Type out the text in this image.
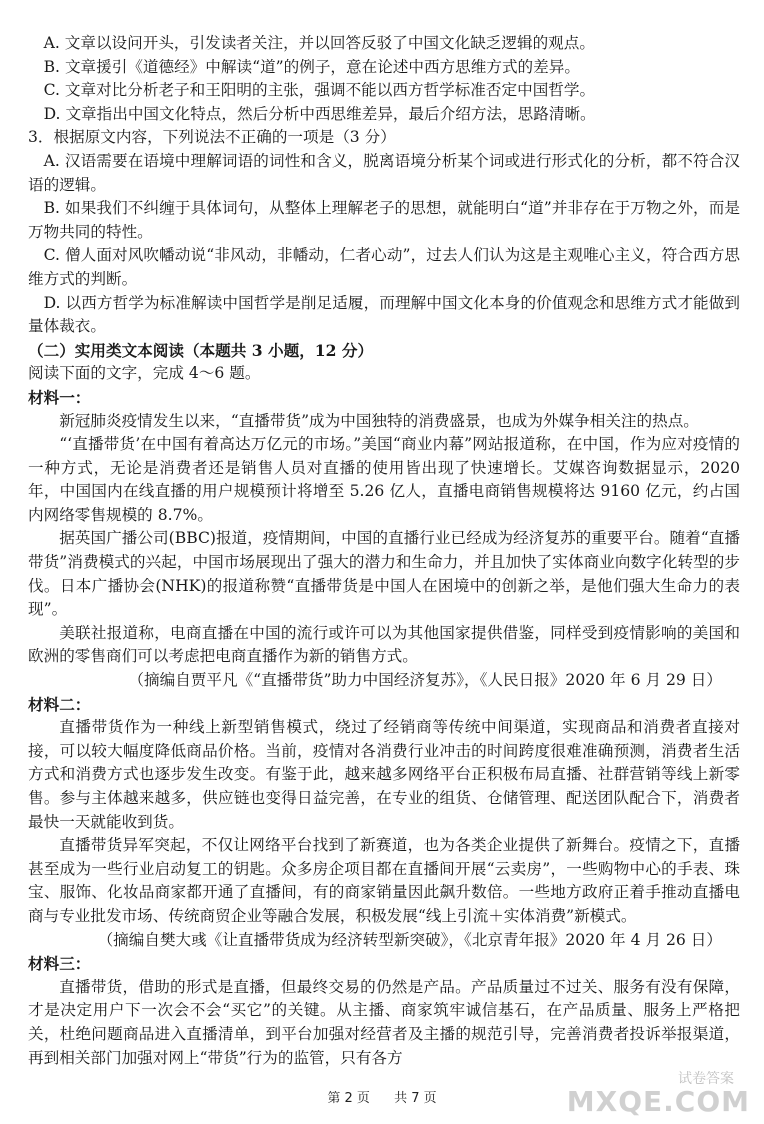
A. 文章以设问开头，引发读者关注，并以回答反驳了中国文化缺乏逻辑的观点。

B. 文章援引《道德经》中解读“道”的例子，意在论述中西方思维方式的差异。

C. 文章对比分析老子和王阳明的主张，强调不能以西方哲学标准否定中国哲学。

D. 文章指出中国文化特点，然后分析中西思维差异，最后介绍方法，思路清晰。

3．根据原文内容，下列说法不正确的一项是（3 分）

A. 汉语需要在语境中理解词语的词性和含义，脱离语境分析某个词或进行形式化的分析，都不符合汉语的逻辑。

B. 如果我们不纠缠于具体词句，从整体上理解老子的思想，就能明白“道”并非存在于万物之外，而是万物共同的特性。

C. 僧人面对风吹幡动说“非风动，非幡动，仁者心动”，过去人们认为这是主观唯心主义，符合西方思维方式的判断。

D. 以西方哲学为标准解读中国哲学是削足适履，而理解中国文化本身的价值观念和思维方式才能做到量体裁衣。

（二）实用类文本阅读（本题共 3 小题，12 分）

阅读下面的文字，完成 4～6 题。

材料一：

新冠肺炎疫情发生以来，“直播带货”成为中国独特的消费盛景，也成为外媒争相关注的热点。

“‘直播带货’在中国有着高达万亿元的市场。”美国“商业内幕”网站报道称，在中国，作为应对疫情的一种方式，无论是消费者还是销售人员对直播的使用皆出现了快速增长。艾媒咨询数据显示，2020 年，中国国内在线直播的用户规模预计将增至 5.26 亿人，直播电商销售规模将达 9160 亿元，约占国内网络零售规模的 8.7%。

据英国广播公司(BBC)报道，疫情期间，中国的直播行业已经成为经济复苏的重要平台。随着“直播带货”消费模式的兴起，中国市场展现出了强大的潜力和生命力，并且加快了实体商业向数字化转型的步伐。日本广播协会(NHK)的报道称赞“直播带货是中国人在困境中的创新之举，是他们强大生命力的表现”。

美联社报道称，电商直播在中国的流行或许可以为其他国家提供借鉴，同样受到疫情影响的美国和欧洲的零售商们可以考虑把电商直播作为新的销售方式。

（摘编自贾平凡《“直播带货”助力中国经济复苏》，《人民日报》2020 年 6 月 29 日）

材料二：

直播带货作为一种线上新型销售模式，绕过了经销商等传统中间渠道，实现商品和消费者直接对接，可以较大幅度降低商品价格。当前，疫情对各消费行业冲击的时间跨度很难准确预测，消费者生活方式和消费方式也逐步发生改变。有鉴于此，越来越多网络平台正积极布局直播、社群营销等线上新零售。参与主体越来越多，供应链也变得日益完善，在专业的组货、仓储管理、配送团队配合下，消费者最快一天就能收到货。

直播带货异军突起，不仅让网络平台找到了新赛道，也为各类企业提供了新舞台。疫情之下，直播甚至成为一些行业启动复工的钥匙。众多房企项目都在直播间开展“云卖房”，一些购物中心的手表、珠宝、服饰、化妆品商家都开通了直播间，有的商家销量因此飙升数倍。一些地方政府正着手推动直播电商与专业批发市场、传统商贸企业等融合发展，积极发展“线上引流＋实体消费”新模式。

（摘编自樊大彧《让直播带货成为经济转型新突破》，《北京青年报》2020 年 4 月 26 日）

材料三：

直播带货，借助的形式是直播，但最终交易的仍然是产品。产品质量过不过关、服务有没有保障，才是决定用户下一次会不会“买它”的关键。从主播、商家筑牢诚信基石，在产品质量、服务上严格把关，杜绝问题商品进入直播清单，到平台加强对经营者及主播的规范引导，完善消费者投诉举报渠道，再到相关部门加强对网上“带货”行为的监管，只有各方

第 2 页 共 7 页
试卷答案
MXQE.COM
